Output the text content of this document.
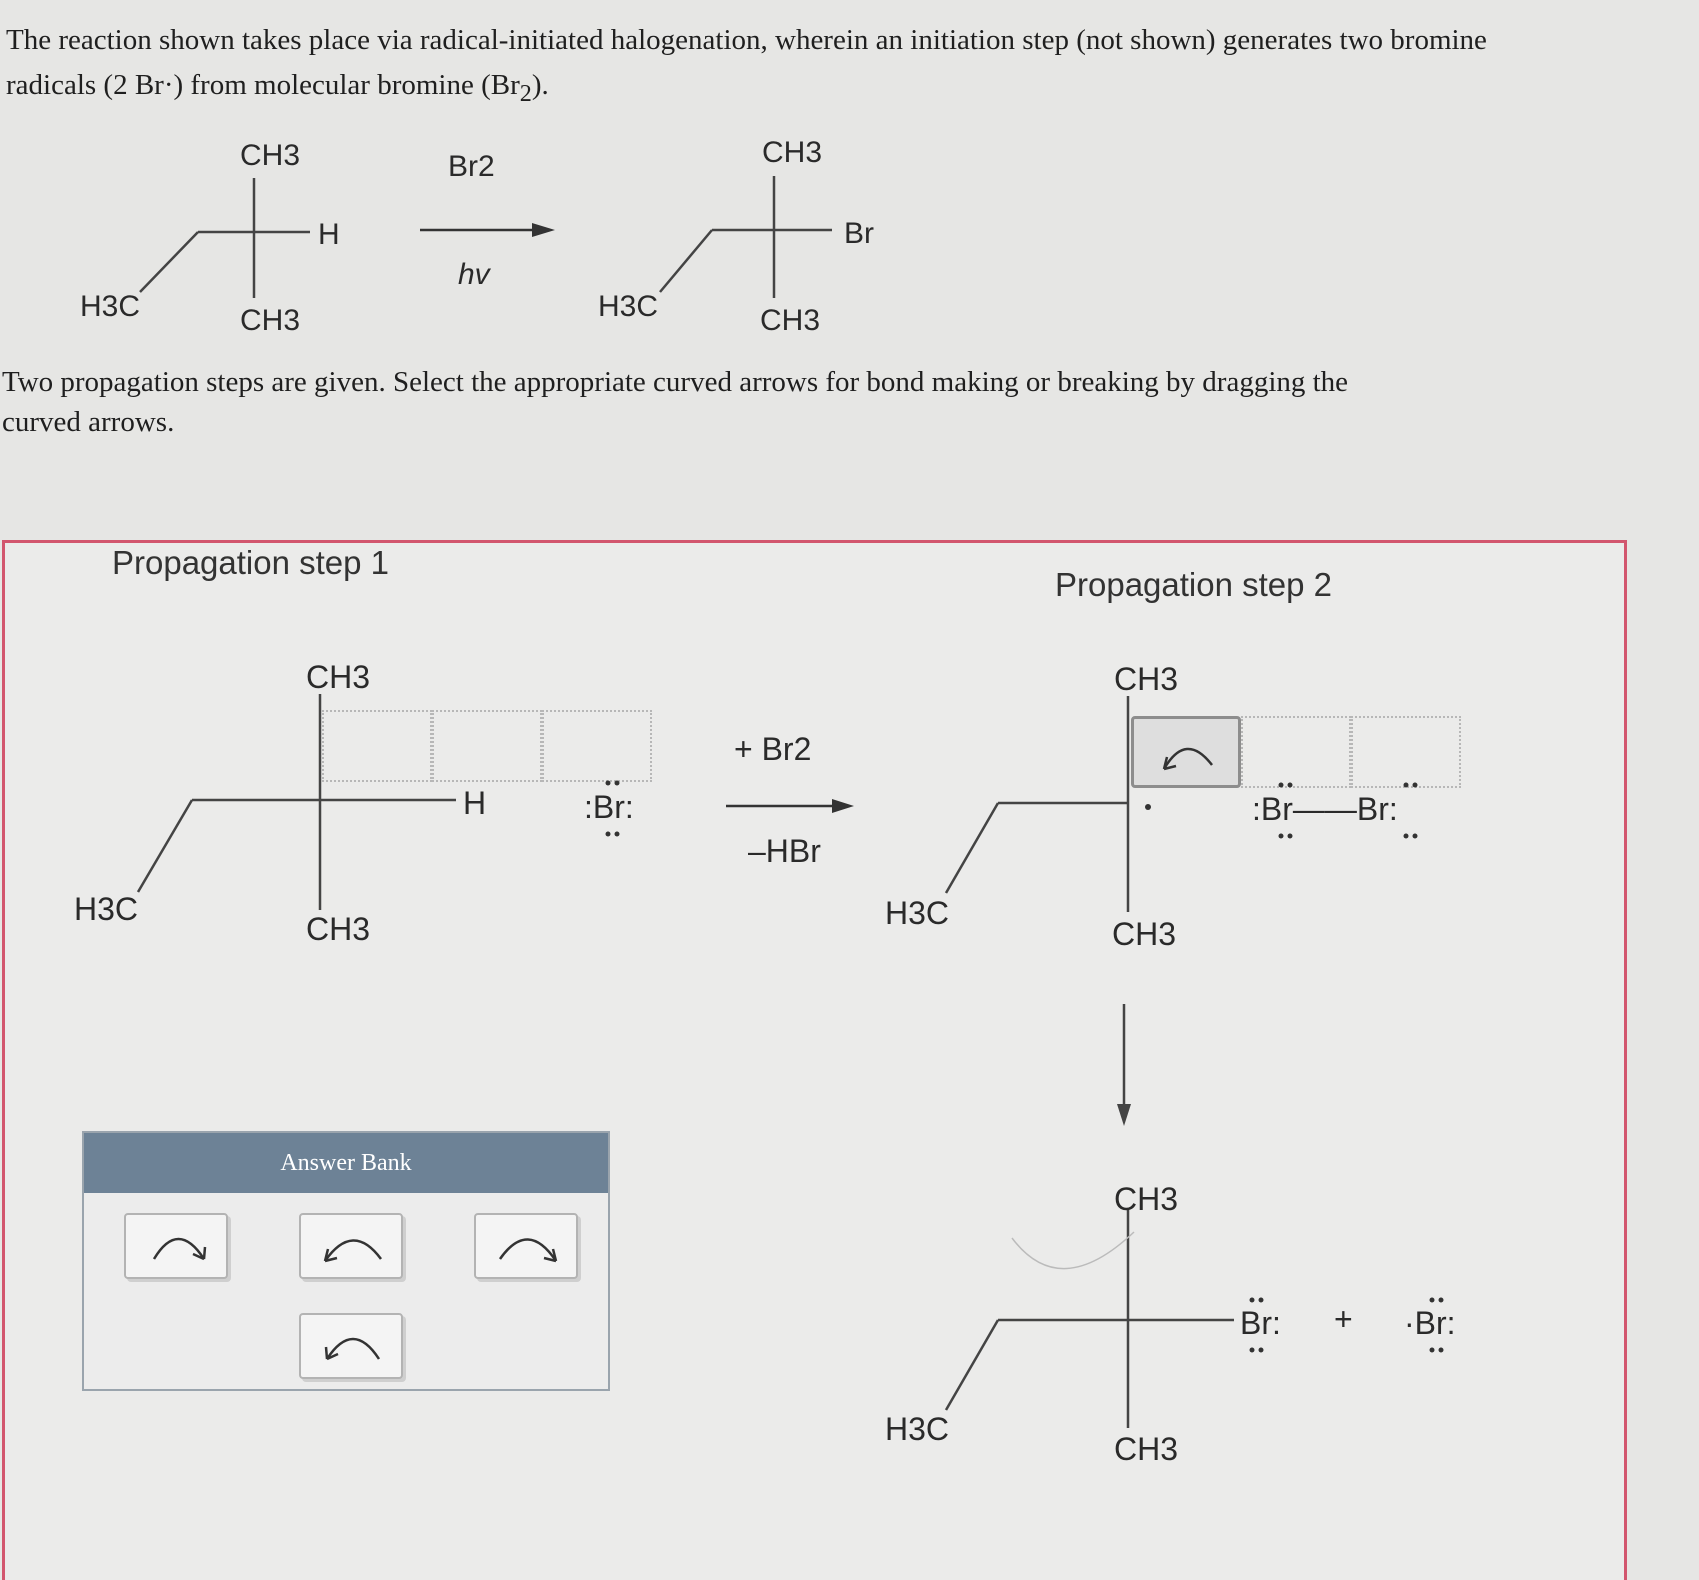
The reaction shown takes place via radical-initiated halogenation, wherein an initiation step (not shown) generates two bromine
radicals (2 Br·) from molecular bromine $(Br_2)$.
CH3
H
H3C	CH3
Br2
hv
CH3
Br
H3C	CH3
Two propagation steps are given. Select the appropriate curved arrows for bond making or breaking by dragging the
curved arrows.
Propagation step 1
Propagation step 2
CH3
H
H3C
CH3
:Br:
+ Br2
–HBr
CH3
H3C
CH3
:Br——Br:
CH3
H3C
CH3
Br: + ·Br:
Answer Bank
